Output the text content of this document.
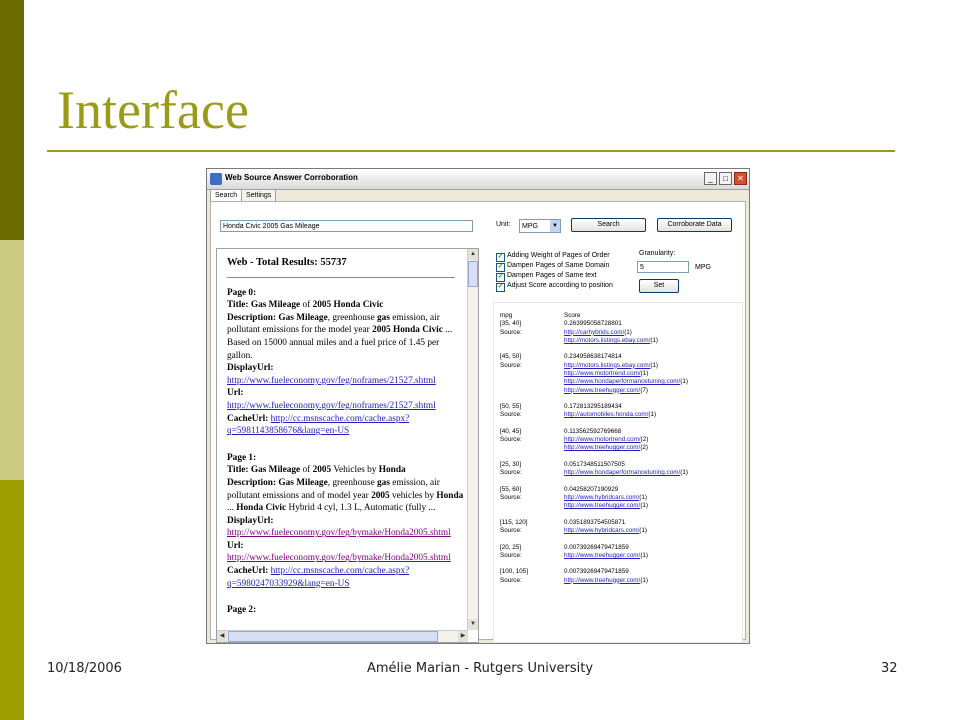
Interface
Web Source Answer Corroboration	_	□	✕
Search	Settings
Honda Civic 2005 Gas Mileage	Unit:	MPG	▼	Search	Corroborate Data
Web - Total Results: 55737
Page 0:
Title: Gas Mileage of 2005 Honda Civic
Description: Gas Mileage, greenhouse gas emission, air pollutant emissions for the model year 2005 Honda Civic ... Based on 15000 annual miles and a fuel price of 1.45 per gallon.
DisplayUrl:
http://www.fueleconomy.gov/feg/noframes/21527.shtml
Url:
http://www.fueleconomy.gov/feg/noframes/21527.shtml
CacheUrl: http://cc.msnscache.com/cache.aspx?
q=5981143858676&lang=en-US
Page 1:
Title: Gas Mileage of 2005 Vehicles by Honda
Description: Gas Mileage, greenhouse gas emission, air pollutant emissions and of model year 2005 vehicles by Honda ... Honda Civic Hybrid 4 cyl, 1.3 L, Automatic (fully ...
DisplayUrl:
http://www.fueleconomy.gov/feg/bymake/Honda2005.shtml
Url:
http://www.fueleconomy.gov/feg/bymake/Honda2005.shtml
CacheUrl: http://cc.msnscache.com/cache.aspx?
q=5980247033929&lang=en-US
Page 2:
▲
▼
◀	▶
✓ Adding Weight of Pages of Order
✓ Dampen Pages of Same Domain
✓ Dampen Pages of Same text
✓ Adjust Score according to position
Granularity:
5	MPG
Set
mpg	Score
[35, 40]	0.263995058728801
Source:	http://carhybrids.com/ (1)
http://motors.listings.ebay.com/ (1)
[45, 50]	0.234958638174814
Source:	http://motors.listings.ebay.com/ (1)
http://www.motortrend.com/ (1)
http://www.hondaperformancetuning.com/ (1)
http://www.treehugger.com/ (7)
[50, 55]	0.172813295189434
Source:	http://automobiles.honda.com/ (1)
[40, 45]	0.113562592769668
Source:	http://www.motortrend.com/ (2)
http://www.treehugger.com/ (2)
[25, 30]	0.0517348511507505
Source:	http://www.hondaperformancetuning.com/ (1)
[55, 60]	0.04258207190929
Source:	http://www.hybridcars.com/ (1)
http://www.treehugger.com/ (1)
[115, 120]	0.0351893754505871
Source:	http://www.hybridcars.com/ (1)
[20, 25]	0.00739269479471859
Source:	http://www.treehugger.com/ (1)
[100, 105]	0.00739269479471859
Source:	http://www.treehugger.com/ (1)
10/18/2006	Amélie Marian - Rutgers University	32
